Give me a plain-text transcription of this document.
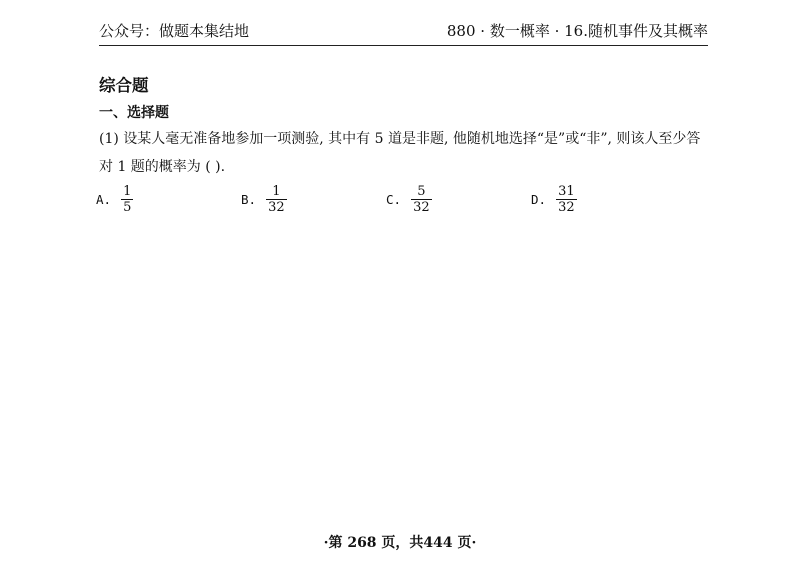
公众号：做题本集结地	880 · 数一概率 · 16.随机事件及其概率
综合题
一、选择题
(1) 设某人毫无准备地参加一项测验, 其中有 5 道是非题, 他随机地选择“是”或“非”, 则该人至少答对 1 题的概率为 ( ).
A. $\frac{1}{5}$	B. $\frac{1}{32}$	C. $\frac{5}{32}$	D. $\frac{31}{32}$
·第 268 页，共444 页·
